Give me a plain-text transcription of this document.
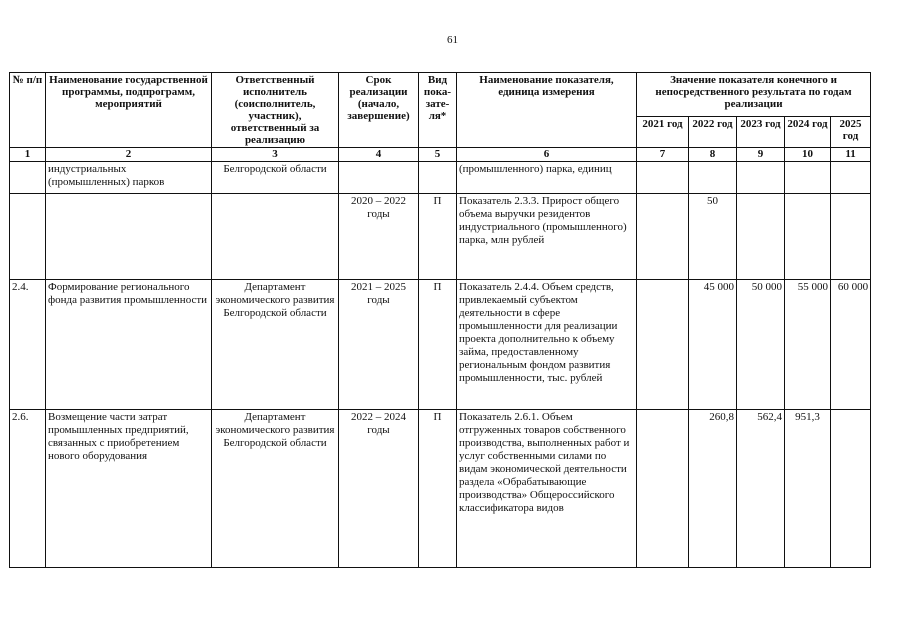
61
№ п/п	Наименование государственной программы, подпрограмм, мероприятий	Ответственный исполнитель (соисполнитель, участник), ответственный за реализацию	Срок реализации (начало, завершение)	Вид пока-зате-ля*	Наименование показателя, единица измерения	Значение показателя конечного и непосредственного результата по годам реализации				
						2021 год	2022 год	2023 год	2024 год	2025 год
1	2	3	4	5	6	7	8	9	10	11
	индустриальных (промышленных) парков	Белгородской области			(промышленного) парка, единиц					
			2020 – 2022 годы	П	Показатель 2.3.3. Прирост общего объема выручки резидентов индустриального (промышленного) парка, млн рублей		50			
2.4.	Формирование регионального фонда развития промышленности	Департамент экономического развития Белгородской области	2021 – 2025 годы	П	Показатель 2.4.4. Объем средств, привлекаемый субъектом деятельности в сфере промышленности для реализации проекта дополнительно к объему займа, предоставленному региональным фондом развития промышленности, тыс. рублей		45 000	50 000	55 000	60 000
2.6.	Возмещение части затрат промышленных предприятий, связанных с приобретением нового оборудования	Департамент экономического развития Белгородской области	2022 – 2024 годы	П	Показатель 2.6.1. Объем отгруженных товаров собственного производства, выполненных работ и услуг собственными силами по видам экономической деятельности раздела «Обрабатывающие производства» Общероссийского классификатора видов		260,8	562,4	951,3	
